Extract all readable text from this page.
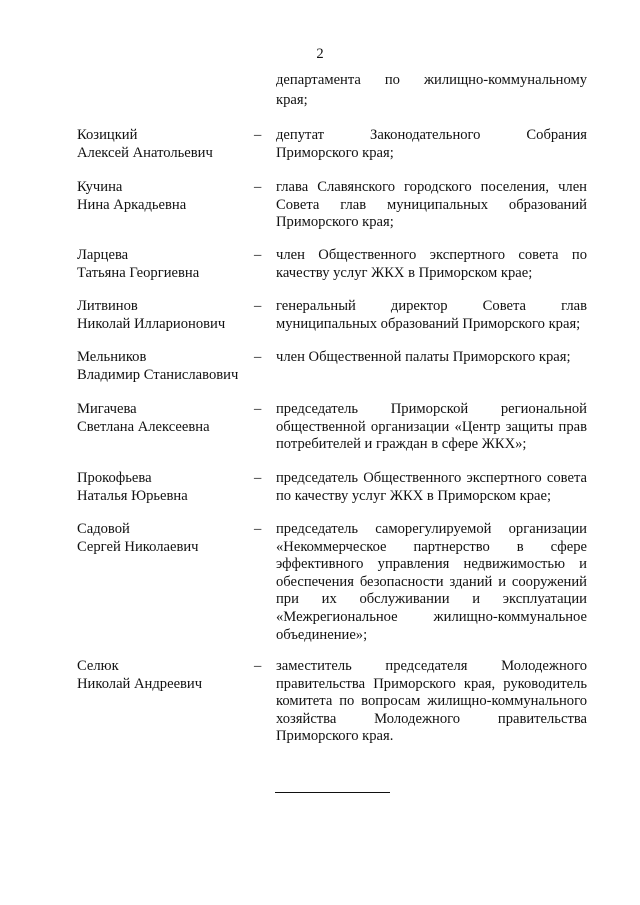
2
департамента по жилищно-коммунальному
края;
Козицкий
Алексей Анатольевич
– депутат Законодательного Собрания
Приморского края;
Кучина
Нина Аркадьевна
– глава Славянского городского поселения, член
Совета глав муниципальных образований
Приморского края;
Ларцева
Татьяна Георгиевна
– член Общественного экспертного совета по
качеству услуг ЖКХ в Приморском крае;
Литвинов
Николай Илларионович
– генеральный директор Совета глав
муниципальных образований Приморского края;
Мельников
Владимир Станиславович
– член Общественной палаты Приморского края;
Мигачева
Светлана Алексеевна
– председатель Приморской региональной
общественной организации «Центр защиты прав
потребителей и граждан в сфере ЖКХ»;
Прокофьева
Наталья Юрьевна
– председатель Общественного экспертного совета
по качеству услуг ЖКХ в Приморском крае;
Садовой
Сергей Николаевич
– председатель саморегулируемой организации
«Некоммерческое партнерство в сфере
эффективного управления недвижимостью и
обеспечения безопасности зданий и сооружений
при их обслуживании и эксплуатации
«Межрегиональное жилищно-коммунальное
объединение»;
Селюк
Николай Андреевич
– заместитель председателя Молодежного
правительства Приморского края, руководитель
комитета по вопросам жилищно-коммунального
хозяйства Молодежного правительства
Приморского края.
